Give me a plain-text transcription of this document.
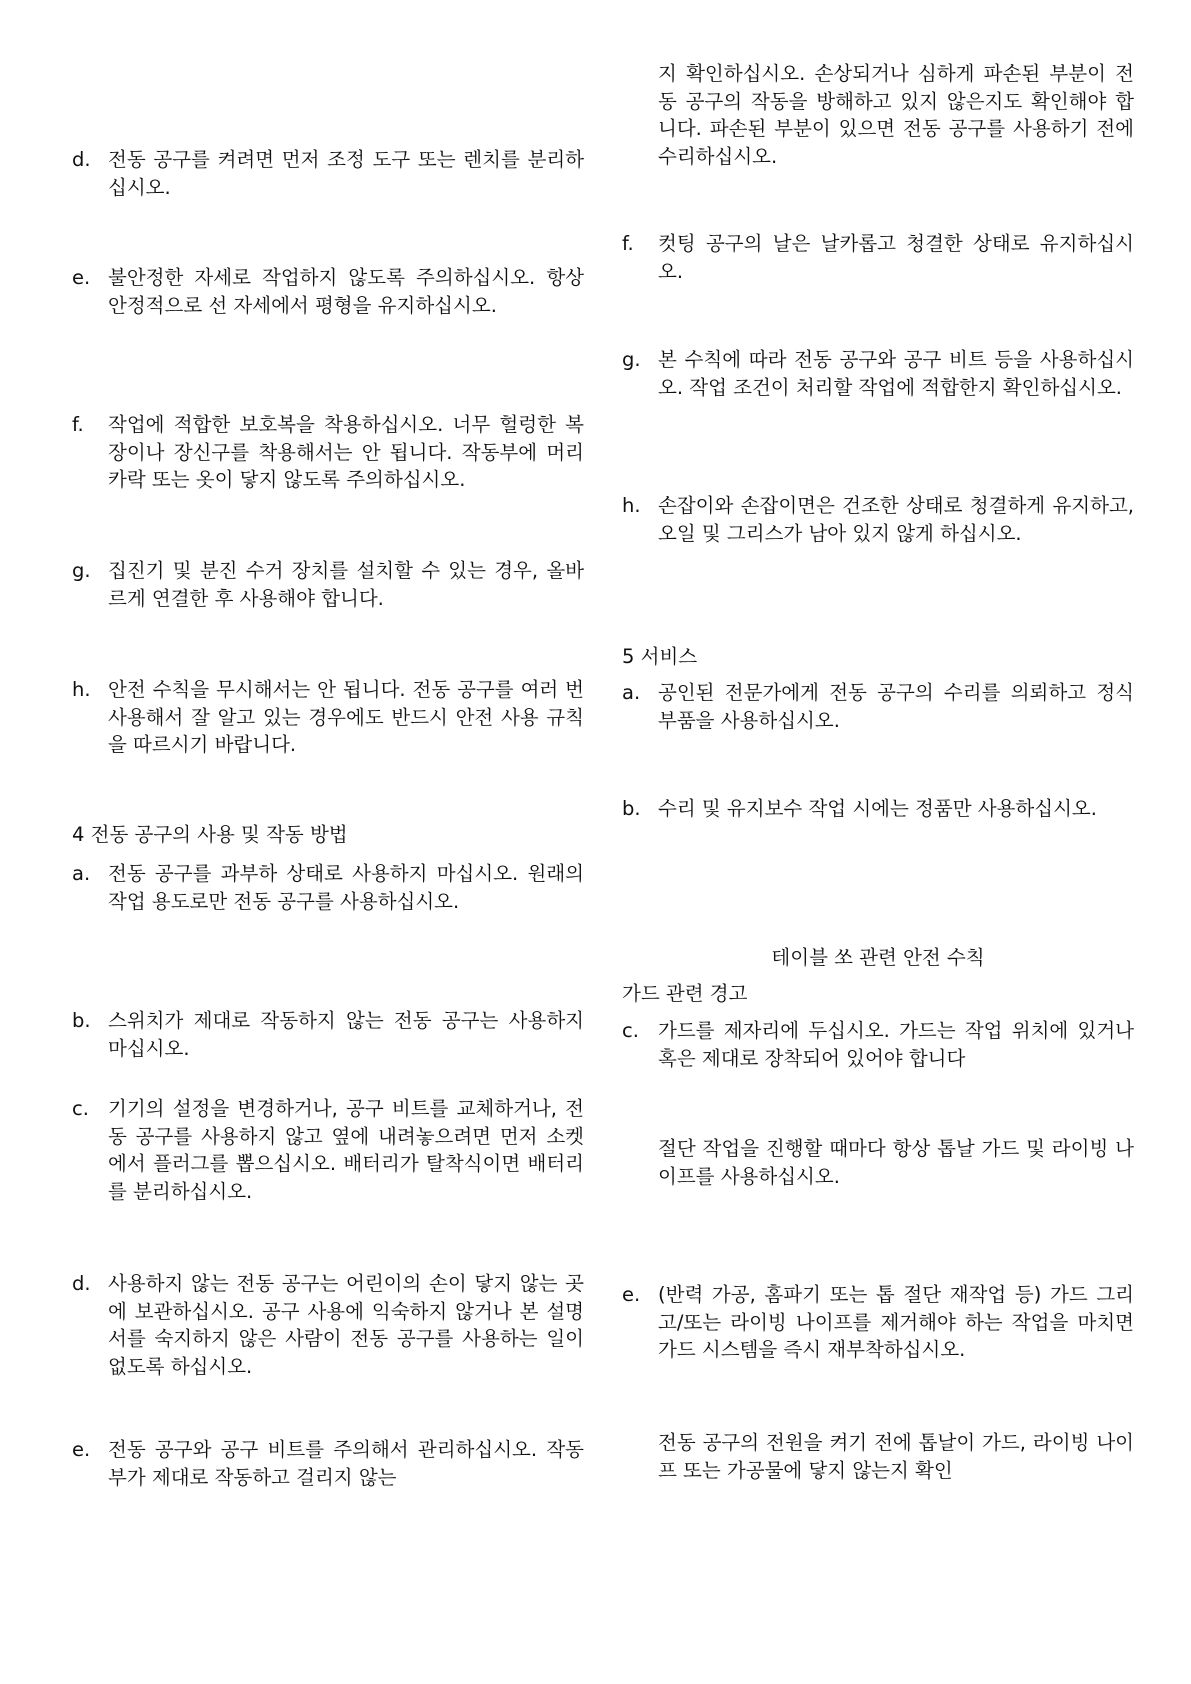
d. 전동 공구를 켜려면 먼저 조정 도구 또는 렌치를 분리하십시오.
e. 불안정한 자세로 작업하지 않도록 주의하십시오. 항상 안정적으로 선 자세에서 평형을 유지하십시오.
f.	작업에 적합한 보호복을 착용하십시오. 너무 헐렁한 복장이나 장신구를 착용해서는 안 됩니다. 작동부에 머리카락 또는 옷이 닿지 않도록 주의하십시오.
g. 집진기 및 분진 수거 장치를 설치할 수 있는 경우, 올바르게 연결한 후 사용해야 합니다.
h. 안전 수칙을 무시해서는 안 됩니다. 전동 공구를 여러 번 사용해서 잘 알고 있는 경우에도 반드시 안전 사용 규칙을 따르시기 바랍니다.
4 전동 공구의 사용 및 작동 방법
a. 전동 공구를 과부하 상태로 사용하지 마십시오. 원래의 작업 용도로만 전동 공구를 사용하십시오.
b. 스위치가 제대로 작동하지 않는 전동 공구는 사용하지 마십시오.
c. 기기의 설정을 변경하거나, 공구 비트를 교체하거나, 전동 공구를 사용하지 않고 옆에 내려놓으려면 먼저 소켓에서 플러그를 뽑으십시오. 배터리가 탈착식이면 배터리를 분리하십시오.
d. 사용하지 않는 전동 공구는 어린이의 손이 닿지 않는 곳에 보관하십시오. 공구 사용에 익숙하지 않거나 본 설명서를 숙지하지 않은 사람이 전동 공구를 사용하는 일이 없도록 하십시오.
e. 전동 공구와 공구 비트를 주의해서 관리하십시오. 작동부가 제대로 작동하고 걸리지 않는
지 확인하십시오. 손상되거나 심하게 파손된 부분이 전동 공구의 작동을 방해하고 있지 않은지도 확인해야 합니다. 파손된 부분이 있으면 전동 공구를 사용하기 전에 수리하십시오.
f.	컷팅 공구의 날은 날카롭고 청결한 상태로 유지하십시오.
g. 본 수칙에 따라 전동 공구와 공구 비트 등을 사용하십시오. 작업 조건이 처리할 작업에 적합한지 확인하십시오.
h. 손잡이와 손잡이면은 건조한 상태로 청결하게 유지하고, 오일 및 그리스가 남아 있지 않게 하십시오.
5 서비스
a. 공인된 전문가에게 전동 공구의 수리를 의뢰하고 정식 부품을 사용하십시오.
b. 수리 및 유지보수 작업 시에는 정품만 사용하십시오.
테이블 쏘 관련 안전 수칙
가드 관련 경고
c. 가드를 제자리에 두십시오. 가드는 작업 위치에 있거나 혹은 제대로 장착되어 있어야 합니다
절단 작업을 진행할 때마다 항상 톱날 가드 및 라이빙 나이프를 사용하십시오.
e. (반력 가공, 홈파기 또는 톱 절단 재작업 등) 가드 그리고/또는 라이빙 나이프를 제거해야 하는 작업을 마치면 가드 시스템을 즉시 재부착하십시오.
전동 공구의 전원을 켜기 전에 톱날이 가드, 라이빙 나이프 또는 가공물에 닿지 않는지 확인
